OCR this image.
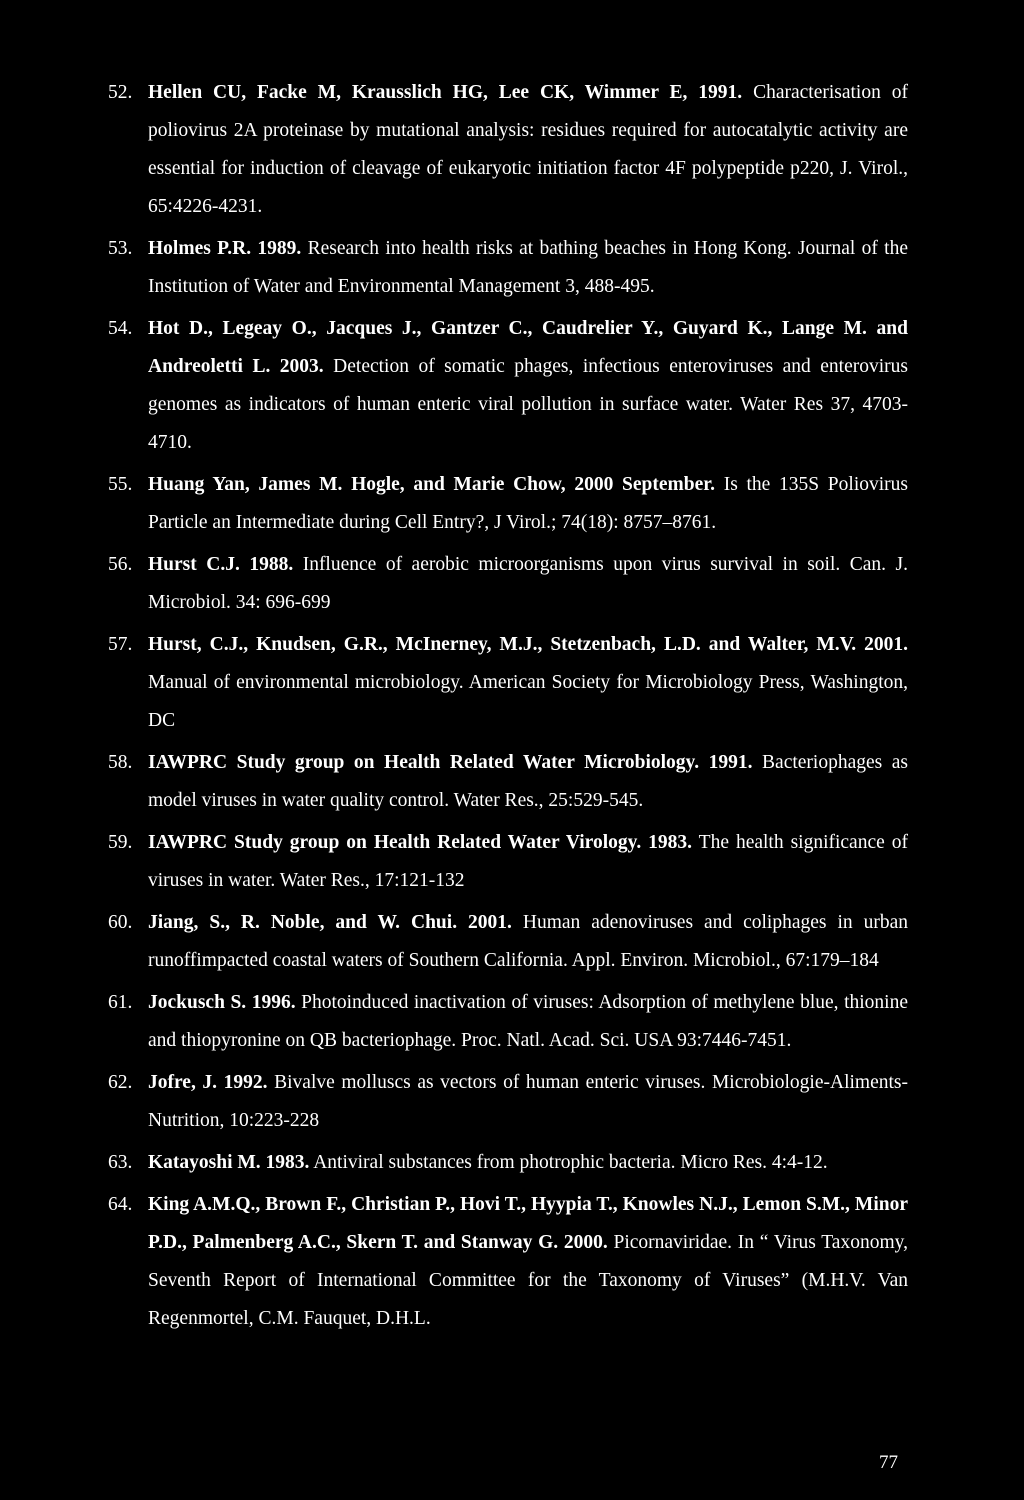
52. Hellen CU, Facke M, Krausslich HG, Lee CK, Wimmer E, 1991. Characterisation of poliovirus 2A proteinase by mutational analysis: residues required for autocatalytic activity are essential for induction of cleavage of eukaryotic initiation factor 4F polypeptide p220, J. Virol., 65:4226-4231.
53. Holmes P.R. 1989. Research into health risks at bathing beaches in Hong Kong. Journal of the Institution of Water and Environmental Management 3, 488-495.
54. Hot D., Legeay O., Jacques J., Gantzer C., Caudrelier Y., Guyard K., Lange M. and Andreoletti L. 2003. Detection of somatic phages, infectious enteroviruses and enterovirus genomes as indicators of human enteric viral pollution in surface water. Water Res 37, 4703-4710.
55. Huang Yan, James M. Hogle, and Marie Chow, 2000 September. Is the 135S Poliovirus Particle an Intermediate during Cell Entry?, J Virol.; 74(18): 8757–8761.
56. Hurst C.J. 1988. Influence of aerobic microorganisms upon virus survival in soil. Can. J. Microbiol. 34: 696-699
57. Hurst, C.J., Knudsen, G.R., McInerney, M.J., Stetzenbach, L.D. and Walter, M.V. 2001. Manual of environmental microbiology. American Society for Microbiology Press, Washington, DC
58. IAWPRC Study group on Health Related Water Microbiology. 1991. Bacteriophages as model viruses in water quality control. Water Res., 25:529-545.
59. IAWPRC Study group on Health Related Water Virology. 1983. The health significance of viruses in water. Water Res., 17:121-132
60. Jiang, S., R. Noble, and W. Chui. 2001. Human adenoviruses and coliphages in urban runoffimpacted coastal waters of Southern California. Appl. Environ. Microbiol., 67:179–184
61. Jockusch S. 1996. Photoinduced inactivation of viruses: Adsorption of methylene blue, thionine and thiopyronine on QB bacteriophage. Proc. Natl. Acad. Sci. USA 93:7446-7451.
62. Jofre, J. 1992. Bivalve molluscs as vectors of human enteric viruses. Microbiologie-Aliments-Nutrition, 10:223-228
63. Katayoshi M. 1983. Antiviral substances from photrophic bacteria. Micro Res. 4:4-12.
64. King A.M.Q., Brown F., Christian P., Hovi T., Hyypia T., Knowles N.J., Lemon S.M., Minor P.D., Palmenberg A.C., Skern T. and Stanway G. 2000. Picornaviridae. In “ Virus Taxonomy, Seventh Report of International Committee for the Taxonomy of Viruses” (M.H.V. Van Regenmortel, C.M. Fauquet, D.H.L.
77
